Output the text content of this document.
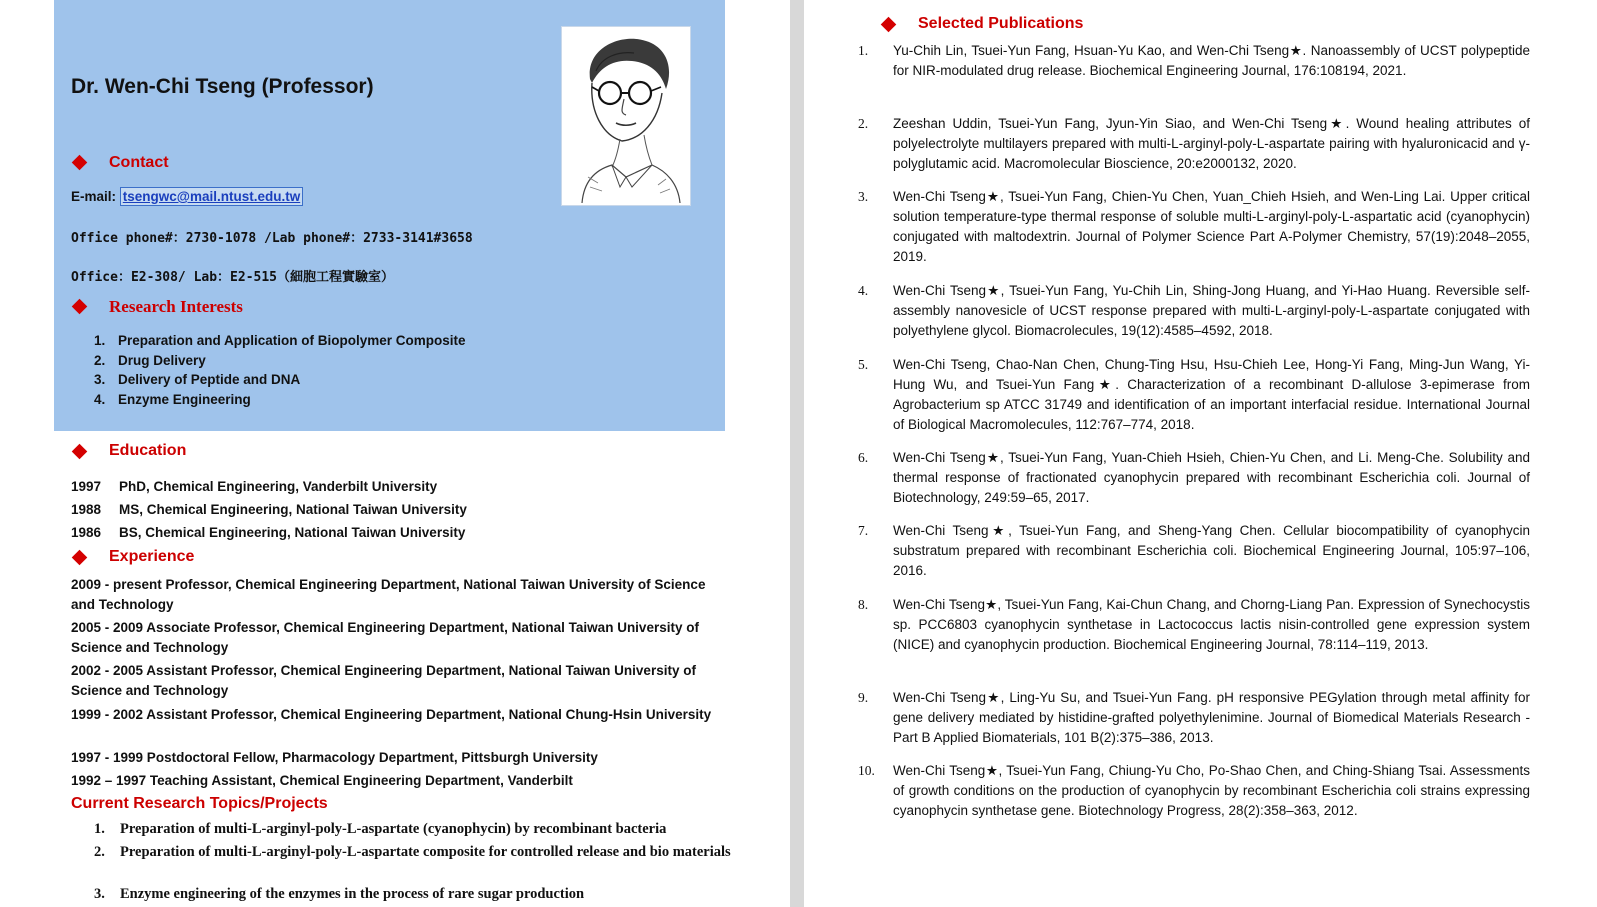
Dr. Wen-Chi Tseng (Professor)
Contact
E-mail: tsengwc@mail.ntust.edu.tw
Office phone#：2730-1078 /Lab phone#：2733-3141#3658
Office：E2-308/ Lab：E2-515（細胞工程實驗室）
Research Interests
1. Preparation and Application of Biopolymer Composite
2. Drug Delivery
3. Delivery of Peptide and DNA
4. Enzyme Engineering
Education
1997 PhD, Chemical Engineering, Vanderbilt University
1988 MS, Chemical Engineering, National Taiwan University
1986 BS, Chemical Engineering, National Taiwan University
Experience
2009 - present Professor, Chemical Engineering Department, National Taiwan University of Science and Technology
2005 - 2009 Associate Professor, Chemical Engineering Department, National Taiwan University of Science and Technology
2002 - 2005 Assistant Professor, Chemical Engineering Department, National Taiwan University of Science and Technology
1999 - 2002 Assistant Professor, Chemical Engineering Department, National Chung-Hsin University
1997 - 1999 Postdoctoral Fellow, Pharmacology Department, Pittsburgh University
1992 – 1997 Teaching Assistant, Chemical Engineering Department, Vanderbilt
Current Research Topics/Projects
1. Preparation of multi-L-arginyl-poly-L-aspartate (cyanophycin) by recombinant bacteria
2. Preparation of multi-L-arginyl-poly-L-aspartate composite for controlled release and bio materials
3. Enzyme engineering of the enzymes in the process of rare sugar production
Selected Publications
1.	Yu-Chih Lin, Tsuei-Yun Fang, Hsuan-Yu Kao, and Wen-Chi Tseng★. Nanoassembly of UCST polypeptide for NIR-modulated drug release. Biochemical Engineering Journal, 176:108194, 2021.
2.	Zeeshan Uddin, Tsuei-Yun Fang, Jyun-Yin Siao, and Wen-Chi Tseng★. Wound healing attributes of polyelectrolyte multilayers prepared with multi-L-arginyl-poly-L-aspartate pairing with hyaluronicacid and γ-polyglutamic acid. Macromolecular Bioscience, 20:e2000132, 2020.
3.	Wen-Chi Tseng★, Tsuei-Yun Fang, Chien-Yu Chen, Yuan_Chieh Hsieh, and Wen-Ling Lai. Upper critical solution temperature-type thermal response of soluble multi-L-arginyl-poly-L-aspartatic acid (cyanophycin) conjugated with maltodextrin. Journal of Polymer Science Part A-Polymer Chemistry, 57(19):2048–2055, 2019.
4.	Wen-Chi Tseng★, Tsuei-Yun Fang, Yu-Chih Lin, Shing-Jong Huang, and Yi-Hao Huang. Reversible self-assembly nanovesicle of UCST response prepared with multi-L-arginyl-poly-L-aspartate conjugated with polyethylene glycol. Biomacrolecules, 19(12):4585–4592, 2018.
5.	Wen-Chi Tseng, Chao-Nan Chen, Chung-Ting Hsu, Hsu-Chieh Lee, Hong-Yi Fang, Ming-Jun Wang, Yi-Hung Wu, and Tsuei-Yun Fang★. Characterization of a recombinant D-allulose 3-epimerase from Agrobacterium sp ATCC 31749 and identification of an important interfacial residue. International Journal of Biological Macromolecules, 112:767–774, 2018.
6.	Wen-Chi Tseng★, Tsuei-Yun Fang, Yuan-Chieh Hsieh, Chien-Yu Chen, and Li. Meng-Che. Solubility and thermal response of fractionated cyanophycin prepared with recombinant Escherichia coli. Journal of Biotechnology, 249:59–65, 2017.
7.	Wen-Chi Tseng★, Tsuei-Yun Fang, and Sheng-Yang Chen. Cellular biocompatibility of cyanophycin substratum prepared with recombinant Escherichia coli. Biochemical Engineering Journal, 105:97–106, 2016.
8.	Wen-Chi Tseng★, Tsuei-Yun Fang, Kai-Chun Chang, and Chorng-Liang Pan. Expression of Synechocystis sp. PCC6803 cyanophycin synthetase in Lactococcus lactis nisin-controlled gene expression system (NICE) and cyanophycin production. Biochemical Engineering Journal, 78:114–119, 2013.
9.	Wen-Chi Tseng★, Ling-Yu Su, and Tsuei-Yun Fang. pH responsive PEGylation through metal affinity for gene delivery mediated by histidine-grafted polyethylenimine. Journal of Biomedical Materials Research - Part B Applied Biomaterials, 101 B(2):375–386, 2013.
10.	Wen-Chi Tseng★, Tsuei-Yun Fang, Chiung-Yu Cho, Po-Shao Chen, and Ching-Shiang Tsai. Assessments of growth conditions on the production of cyanophycin by recombinant Escherichia coli strains expressing cyanophycin synthetase gene. Biotechnology Progress, 28(2):358–363, 2012.
